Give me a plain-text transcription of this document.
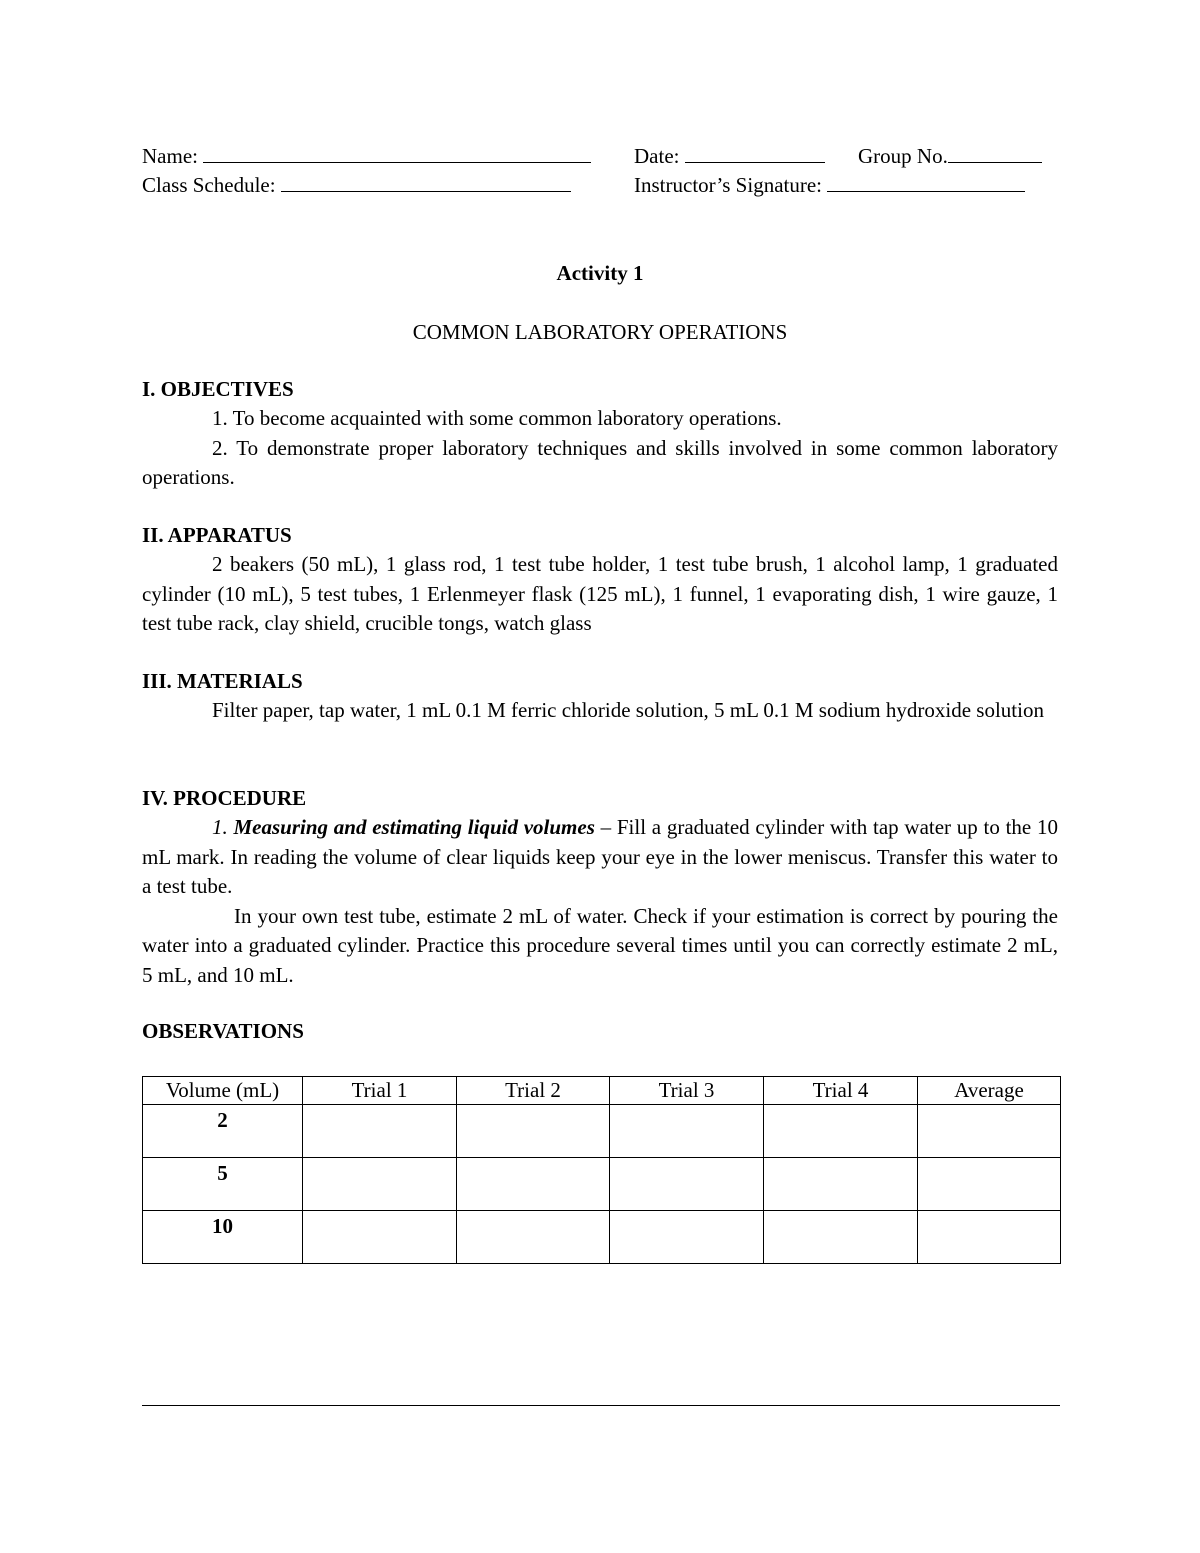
Name:	Date:	Group No.
Class Schedule:	Instructor’s Signature:
Activity 1
COMMON LABORATORY OPERATIONS
I. OBJECTIVES

1. To become acquainted with some common laboratory operations.

2. To demonstrate proper laboratory techniques and skills involved in some common laboratory operations.

II. APPARATUS

2 beakers (50 mL), 1 glass rod, 1 test tube holder, 1 test tube brush, 1 alcohol lamp, 1 graduated cylinder (10 mL), 5 test tubes, 1 Erlenmeyer flask (125 mL), 1 funnel, 1 evaporating dish, 1 wire gauze, 1 test tube rack, clay shield, crucible tongs, watch glass

III. MATERIALS

Filter paper, tap water, 1 mL 0.1 M ferric chloride solution, 5 mL 0.1 M sodium hydroxide solution

IV. PROCEDURE

1. Measuring and estimating liquid volumes – Fill a graduated cylinder with tap water up to the 10 mL mark. In reading the volume of clear liquids keep your eye in the lower meniscus. Transfer this water to a test tube.

In your own test tube, estimate 2 mL of water. Check if your estimation is correct by pouring the water into a graduated cylinder. Practice this procedure several times until you can correctly estimate 2 mL, 5 mL, and 10 mL.

OBSERVATIONS
Volume (mL)	Trial 1	Trial 2	Trial 3	Trial 4	Average
2					
5					
10					
